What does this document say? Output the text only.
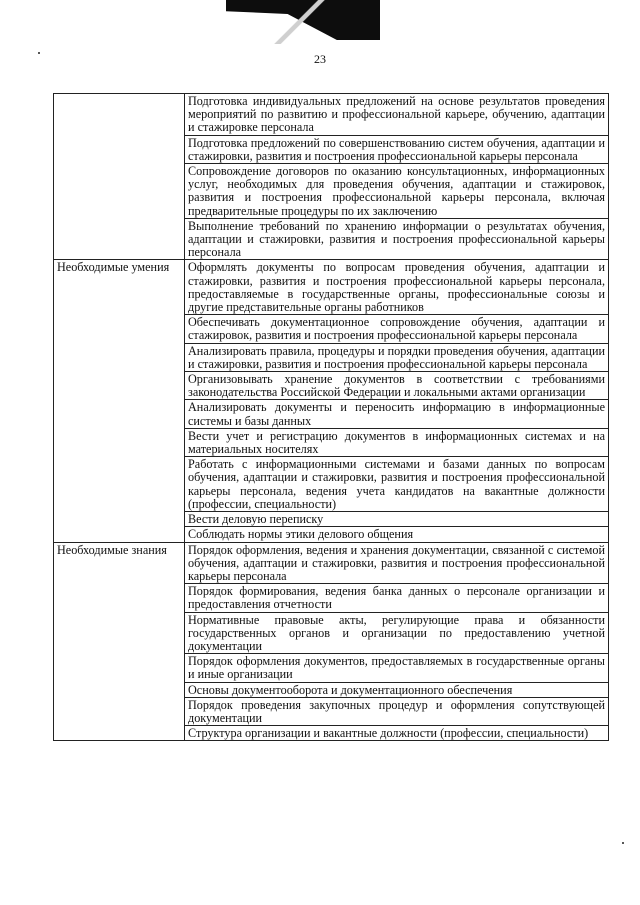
23
	Подготовка индивидуальных предложений на основе результатов проведения мероприятий по развитию и профессиональной карьере, обучению, адаптации и стажировке персонала
	Подготовка предложений по совершенствованию систем обучения, адаптации и стажировки, развития и построения профессиональной карьеры персонала
	Сопровождение договоров по оказанию консультационных, информационных услуг, необходимых для проведения обучения, адаптации и стажировок, развития и построения профессиональной карьеры персонала, включая предварительные процедуры по их заключению
	Выполнение требований по хранению информации о результатах обучения, адаптации и стажировки, развития и построения профессиональной карьеры персонала
Необходимые умения	Оформлять документы по вопросам проведения обучения, адаптации и стажировки, развития и построения профессиональной карьеры персонала, предоставляемые в государственные органы, профессиональные союзы и другие представительные органы работников
	Обеспечивать документационное сопровождение обучения, адаптации и стажировок, развития и построения профессиональной карьеры персонала
	Анализировать правила, процедуры и порядки проведения обучения, адаптации и стажировки, развития и построения профессиональной карьеры персонала
	Организовывать хранение документов в соответствии с требованиями законодательства Российской Федерации и локальными актами организации
	Анализировать документы и переносить информацию в информационные системы и базы данных
	Вести учет и регистрацию документов в информационных системах и на материальных носителях
	Работать с информационными системами и базами данных по вопросам обучения, адаптации и стажировки, развития и построения профессиональной карьеры персонала, ведения учета кандидатов на вакантные должности (профессии, специальности)
	Вести деловую переписку
	Соблюдать нормы этики делового общения
Необходимые знания	Порядок оформления, ведения и хранения документации, связанной с системой обучения, адаптации и стажировки, развития и построения профессиональной карьеры персонала
	Порядок формирования, ведения банка данных о персонале организации и предоставления отчетности
	Нормативные правовые акты, регулирующие права и обязанности государственных органов и организации по предоставлению учетной документации
	Порядок оформления документов, предоставляемых в государственные органы и иные организации
	Основы документооборота и документационного обеспечения
	Порядок проведения закупочных процедур и оформления сопутствующей документации
	Структура организации и вакантные должности (профессии, специальности)
